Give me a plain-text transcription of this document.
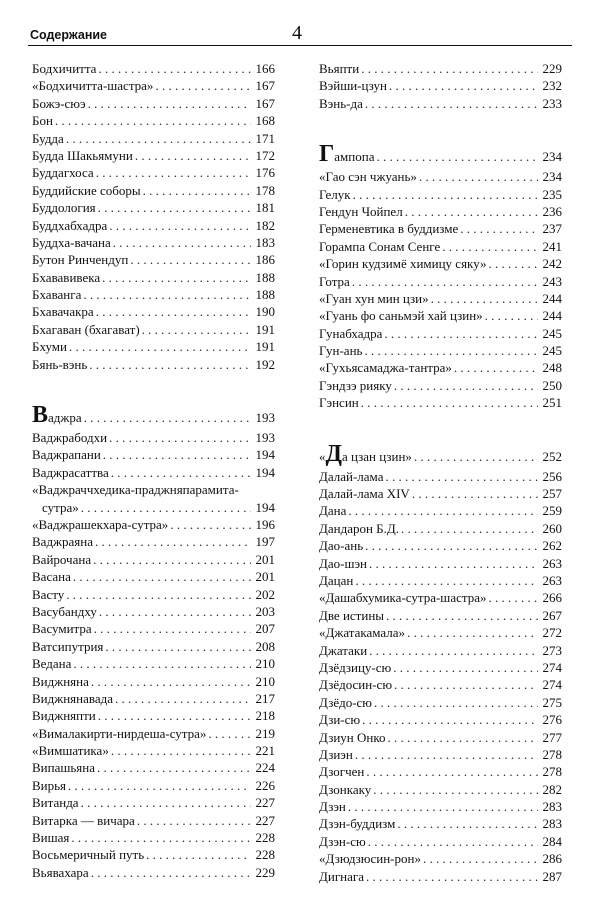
Содержание	4
Бодхичитта . . .	166
«Бодхичитта-шастра» . . .	167
Божэ-сюэ . . .	167
Бон . . .	168
Будда . . .	171
Будда Шакьямуни . . .	172
Буддагхоса . . .	176
Буддийские соборы . . .	178
Буддология . . .	181
Буддхабхадра . . .	182
Буддха-вачана . . .	183
Бутон Ринчендуп . . .	186
Бхававивека . . .	188
Бхаванга . . .	188
Бхавачакра . . .	190
Бхагаван (бхагават) . . .	191
Бхуми . . .	191
Бянь-вэнь . . .	192
Ваджра . . .	193
Ваджрабодхи . . .	193
Ваджрапани . . .	194
Ваджрасаттва . . .	194
«Ваджраччхедика-праджняпарамита-
сутра» . . .	194
«Ваджрашекхара-сутра» . . .	196
Ваджраяна . . .	197
Вайрочана . . .	201
Васана . . .	201
Васту . . .	202
Васубандху . . .	203
Васумитра . . .	207
Ватсипутрия . . .	208
Ведана . . .	210
Виджняна . . .	210
Виджнянавада . . .	217
Виджняпти . . .	218
«Вималакирти-нирдеша-сутра» . . .	219
«Вимшатика» . . .	221
Випашьяна . . .	224
Вирья . . .	226
Витанда . . .	227
Витарка — вичара . . .	227
Вишая . . .	228
Восьмеричный путь . . .	228
Вьявахара . . .	229
Вьяпти . . .	229
Вэйши-цзун . . .	232
Вэнь-да . . .	233
Гампопа . . .	234
«Гао сэн чжуань» . . .	234
Гелук . . .	235
Гендун Чойпел . . .	236
Герменевтика в буддизме . . .	237
Горампа Сонам Сенге . . .	241
«Горин кудзимё химицу сяку» . . .	242
Готра . . .	243
«Гуан хун мин цзи» . . .	244
«Гуань фо саньмэй хай цзин» . . .	244
Гунабхадра . . .	245
Гун-ань . . .	245
«Гухьясамаджа-тантра» . . .	248
Гэндзэ рияку . . .	250
Гэнсин . . .	251
«Да цзан цзин» . . .	252
Далай-лама . . .	256
Далай-лама XIV . . .	257
Дана . . .	259
Дандарон Б.Д. . . .	260
Дао-ань . . .	262
Дао-шэн . . .	263
Дацан . . .	263
«Дашабхумика-сутра-шастра» . . .	266
Две истины . . .	267
«Джатакамала» . . .	272
Джатаки . . .	273
Дзёдзицу-сю . . .	274
Дзёдосин-сю . . .	274
Дзёдо-сю . . .	275
Дзи-сю . . .	276
Дзиун Онко . . .	277
Дзиэн . . .	278
Дзогчен . . .	278
Дзонкаку . . .	282
Дзэн . . .	283
Дзэн-буддизм . . .	283
Дзэн-сю . . .	284
«Дзюдзюсин-рон» . . .	286
Дигнага . . .	287
